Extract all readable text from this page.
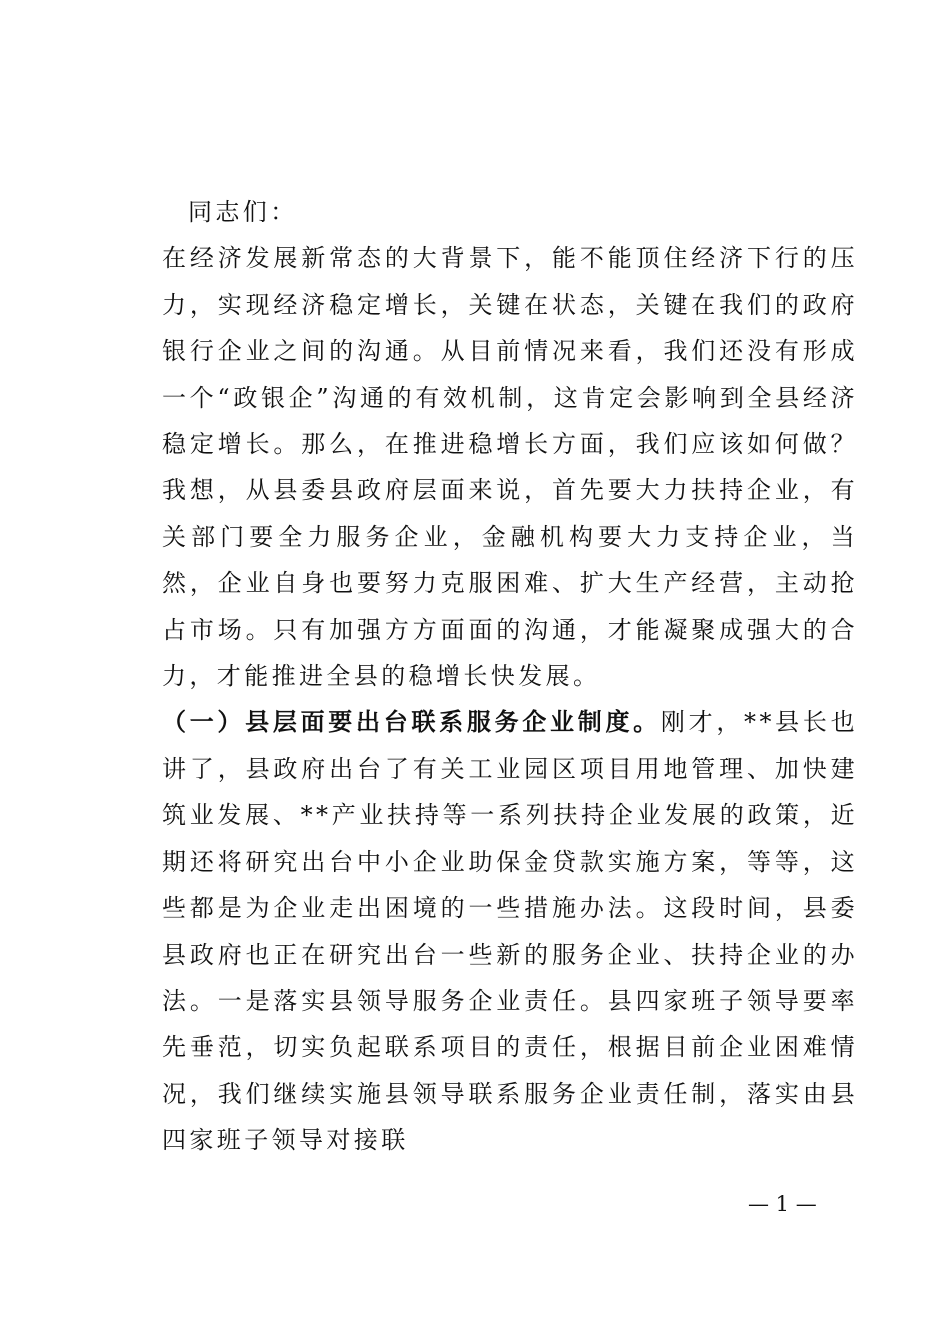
同志们：

在经济发展新常态的大背景下，能不能顶住经济下行的压力，实现经济稳定增长，关键在状态，关键在我们的政府银行企业之间的沟通。从目前情况来看，我们还没有形成一个“政银企”沟通的有效机制，这肯定会影响到全县经济稳定增长。那么，在推进稳增长方面，我们应该如何做？我想，从县委县政府层面来说，首先要大力扶持企业，有关部门要全力服务企业，金融机构要大力支持企业，当然，企业自身也要努力克服困难、扩大生产经营，主动抢占市场。只有加强方方面面的沟通，才能凝聚成强大的合力，才能推进全县的稳增长快发展。

（一）县层面要出台联系服务企业制度。刚才，**县长也讲了，县政府出台了有关工业园区项目用地管理、加快建筑业发展、**产业扶持等一系列扶持企业发展的政策，近期还将研究出台中小企业助保金贷款实施方案，等等，这些都是为企业走出困境的一些措施办法。这段时间，县委县政府也正在研究出台一些新的服务企业、扶持企业的办法。一是落实县领导服务企业责任。县四家班子领导要率先垂范，切实负起联系项目的责任，根据目前企业困难情况，我们继续实施县领导联系服务企业责任制，落实由县四家班子领导对接联

— 1 —
